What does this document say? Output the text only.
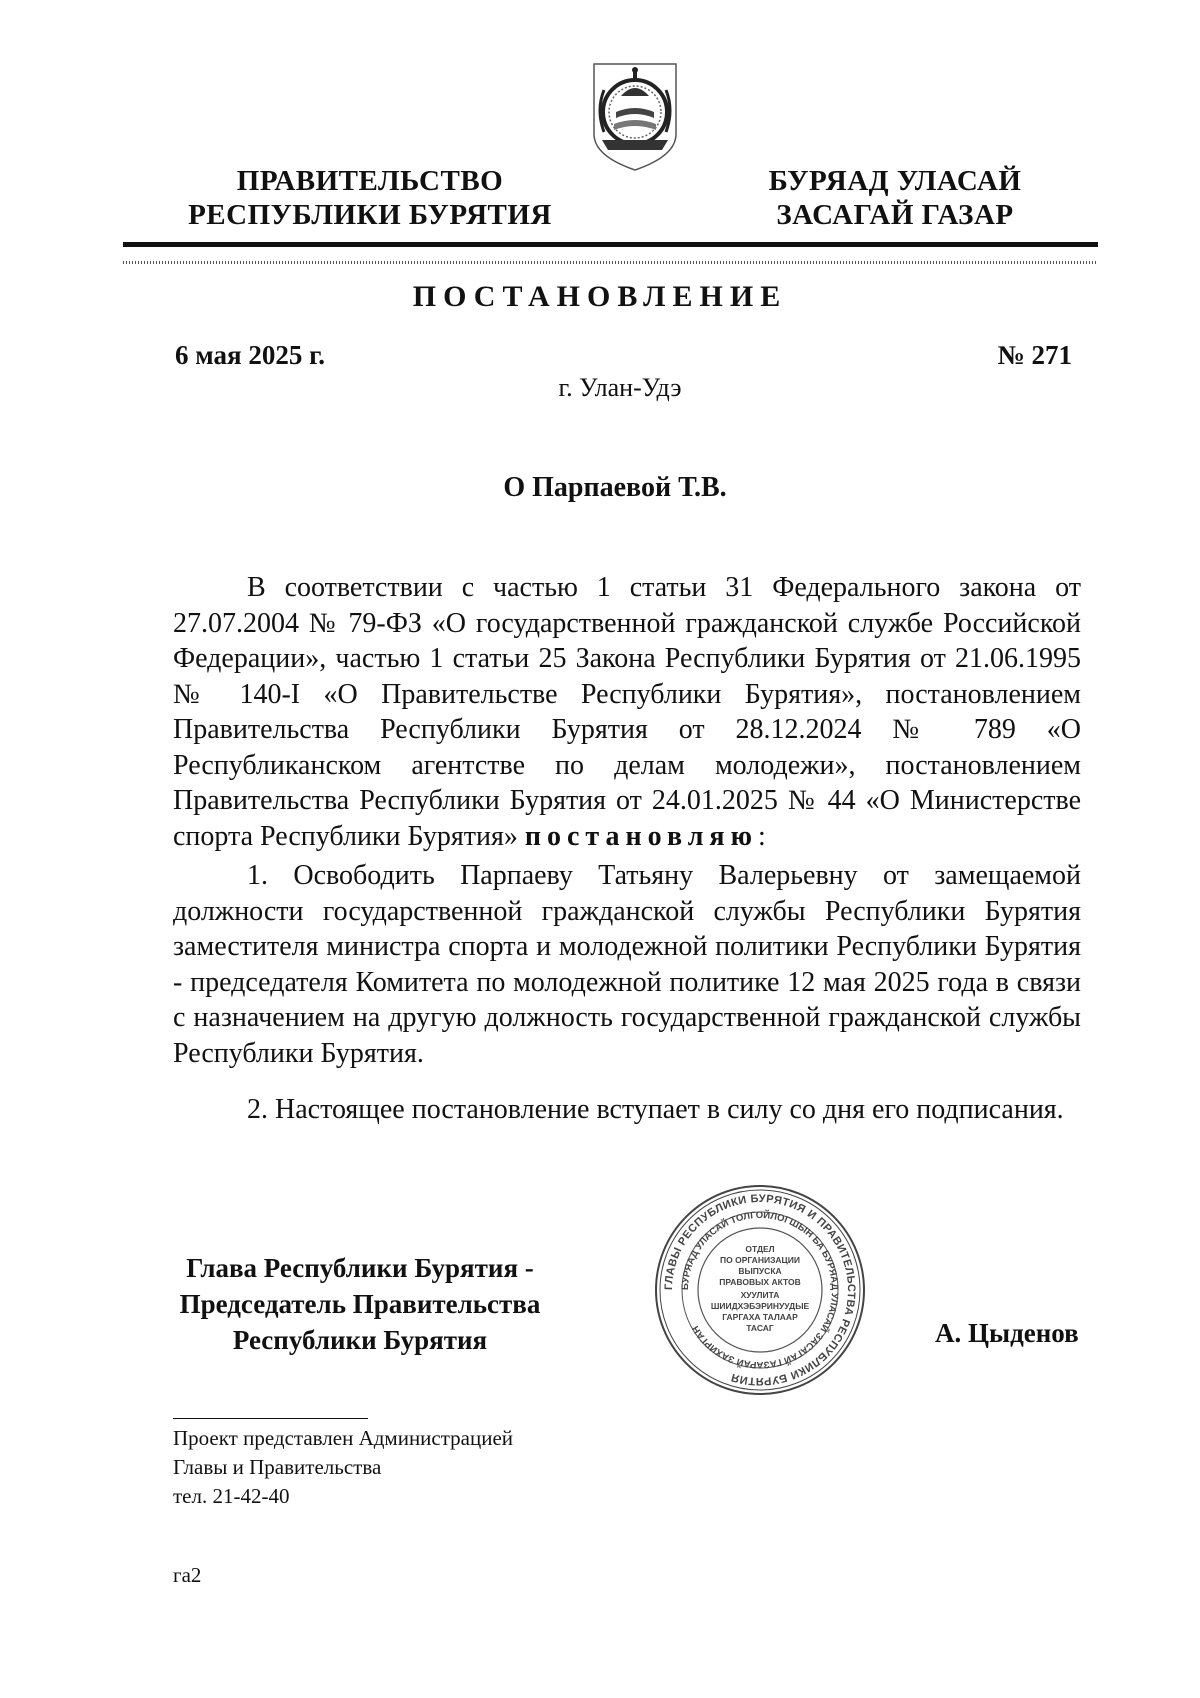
ПРАВИТЕЛЬСТВО
РЕСПУБЛИКИ БУРЯТИЯ
БУРЯАД УЛАСАЙ
ЗАСАГАЙ ГАЗАР
ПОСТАНОВЛЕНИЕ
6 мая 2025 г.	№ 271
г. Улан-Удэ
О Парпаевой Т.В.

В соответствии с частью 1 статьи 31 Федерального закона от 27.07.2004 № 79-ФЗ «О государственной гражданской службе Российской Федерации», частью 1 статьи 25 Закона Республики Бурятия от 21.06.1995 № 140-I «О Правительстве Республики Бурятия», постановлением Правительства Республики Бурятия от 28.12.2024 № 789 «О Республиканском агентстве по делам молодежи», постановлением Правительства Республики Бурятия от 24.01.2025 № 44 «О Министерстве спорта Республики Бурятия» постановляю:

1. Освободить Парпаеву Татьяну Валерьевну от замещаемой должности государственной гражданской службы Республики Бурятия заместителя министра спорта и молодежной политики Республики Бурятия - председателя Комитета по молодежной политике 12 мая 2025 года в связи с назначением на другую должность государственной гражданской службы Республики Бурятия.

2. Настоящее постановление вступает в силу со дня его подписания.

Глава Республики Бурятия -
Председатель Правительства
Республики Бурятия
ГЛАВЫ РЕСПУБЛИКИ БУРЯТИЯ И ПРАВИТЕЛЬСТВА РЕСПУБЛИКИ БУРЯТИЯ
БУРЯАД УЛАСАЙ ТОЛГОЙЛОГШЫН БА БУРЯАД УЛАСАЙ ЗАСАГАЙ ГАЗАРАЙ ЗАХИРГАН
ОТДЕЛ
ПО ОРГАНИЗАЦИИ
ВЫПУСКА
ПРАВОВЫХ АКТОВ
ХУУЛИТА
ШИИДХЭБЭРИНУУДЫЕ
ГАРГАХА ТАЛААР
ТАСАГ	А. Цыденов
Проект представлен Администрацией
Главы и Правительства
тел. 21-42-40
га2
